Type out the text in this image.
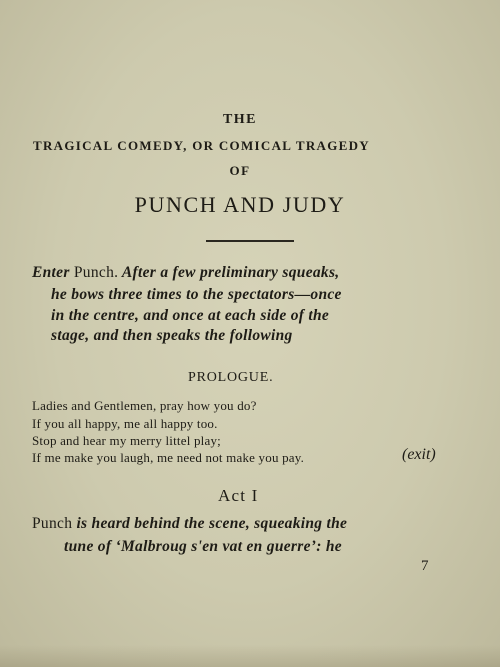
THE
TRAGICAL COMEDY, OR COMICAL TRAGEDY
OF
PUNCH AND JUDY
Enter Punch. After a few preliminary squeaks,
he bows three times to the spectators—once
in the centre, and once at each side of the
stage, and then speaks the following
PROLOGUE.
Ladies and Gentlemen, pray how you do?
If you all happy, me all happy too.
Stop and hear my merry littel play;
If me make you laugh, me need not make you pay.	(exit)
Act I
Punch is heard behind the scene, squeaking the
tune of ‘Malbroug s'en vat en guerre’: he
7
